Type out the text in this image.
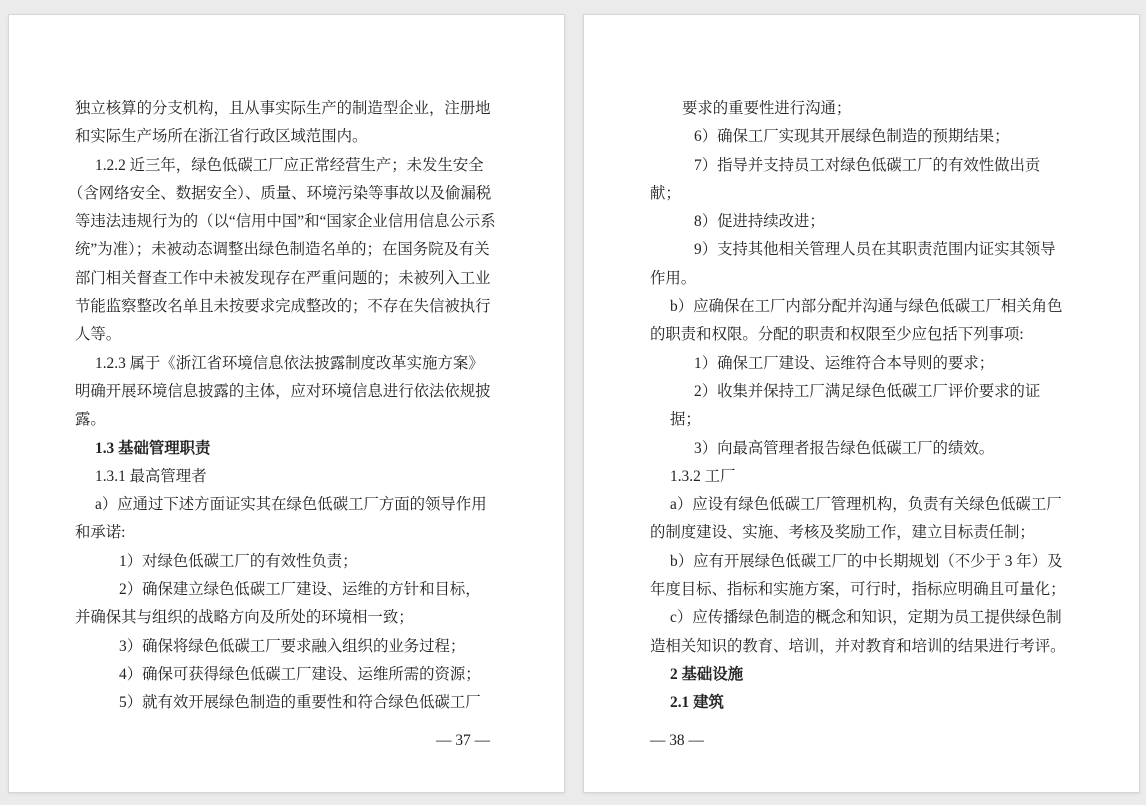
独立核算的分支机构，且从事实际生产的制造型企业，注册地
和实际生产场所在浙江省行政区域范围内。
1.2.2 近三年，绿色低碳工厂应正常经营生产；未发生安全
（含网络安全、数据安全）、质量、环境污染等事故以及偷漏税
等违法违规行为的（以“信用中国”和“国家企业信用信息公示系
统”为准）；未被动态调整出绿色制造名单的；在国务院及有关
部门相关督查工作中未被发现存在严重问题的；未被列入工业
节能监察整改名单且未按要求完成整改的；不存在失信被执行
人等。
1.2.3 属于《浙江省环境信息依法披露制度改革实施方案》
明确开展环境信息披露的主体，应对环境信息进行依法依规披
露。
1.3 基础管理职责
1.3.1 最高管理者
a）应通过下述方面证实其在绿色低碳工厂方面的领导作用
和承诺:
1）对绿色低碳工厂的有效性负责；
2）确保建立绿色低碳工厂建设、运维的方针和目标，
并确保其与组织的战略方向及所处的环境相一致；
3）确保将绿色低碳工厂要求融入组织的业务过程；
4）确保可获得绿色低碳工厂建设、运维所需的资源；
5）就有效开展绿色制造的重要性和符合绿色低碳工厂
— 37 —
要求的重要性进行沟通；
6）确保工厂实现其开展绿色制造的预期结果；
7）指导并支持员工对绿色低碳工厂的有效性做出贡
献；
8）促进持续改进；
9）支持其他相关管理人员在其职责范围内证实其领导
作用。
b）应确保在工厂内部分配并沟通与绿色低碳工厂相关角色
的职责和权限。分配的职责和权限至少应包括下列事项:
1）确保工厂建设、运维符合本导则的要求；
2）收集并保持工厂满足绿色低碳工厂评价要求的证
据；
3）向最高管理者报告绿色低碳工厂的绩效。
1.3.2 工厂
a）应设有绿色低碳工厂管理机构，负责有关绿色低碳工厂
的制度建设、实施、考核及奖励工作，建立目标责任制；
b）应有开展绿色低碳工厂的中长期规划（不少于 3 年）及
年度目标、指标和实施方案，可行时，指标应明确且可量化；
c）应传播绿色制造的概念和知识，定期为员工提供绿色制
造相关知识的教育、培训，并对教育和培训的结果进行考评。
2 基础设施
2.1 建筑
— 38 —
